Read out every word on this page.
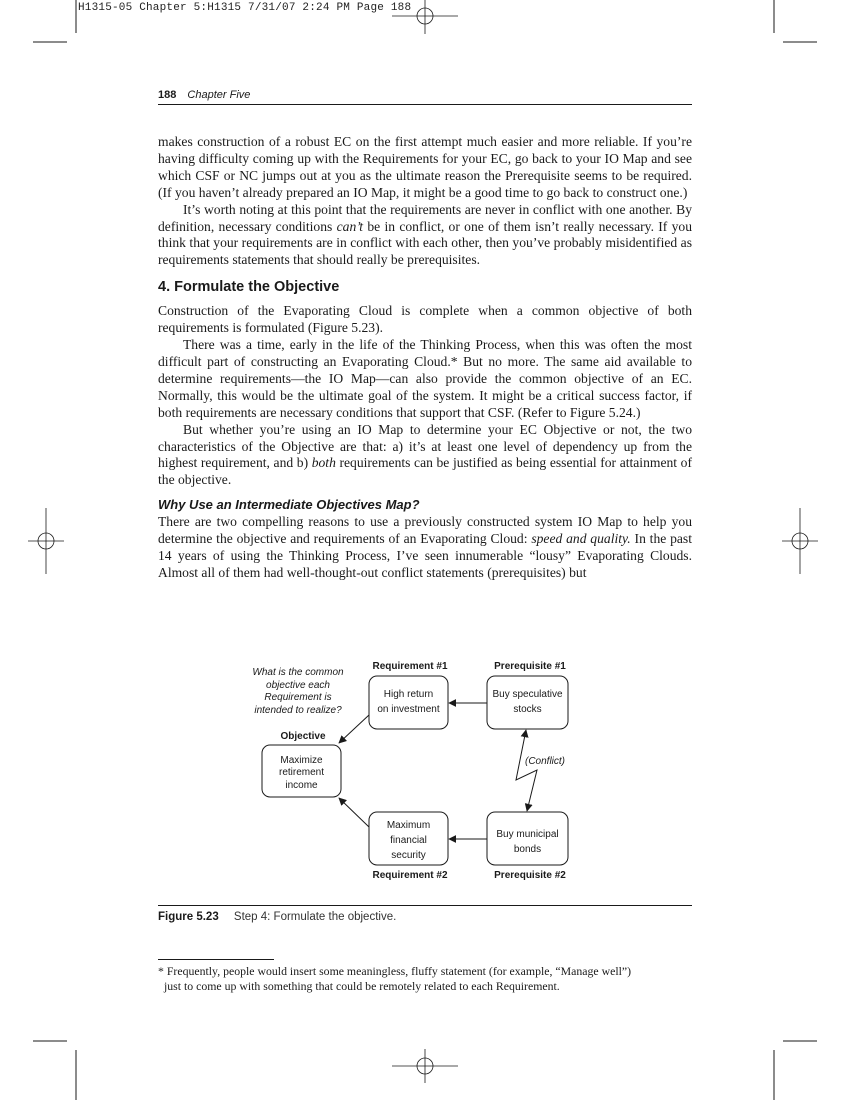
H1315-05 Chapter 5:H1315 7/31/07 2:24 PM Page 188
188 Chapter Five

makes construction of a robust EC on the first attempt much easier and more reliable. If you’re having difficulty coming up with the Requirements for your EC, go back to your IO Map and see which CSF or NC jumps out at you as the ultimate reason the Prerequisite seems to be required. (If you haven’t already prepared an IO Map, it might be a good time to go back to construct one.)

It’s worth noting at this point that the requirements are never in conflict with one another. By definition, necessary conditions can’t be in conflict, or one of them isn’t really necessary. If you think that your requirements are in conflict with each other, then you’ve probably misidentified as requirements statements that should really be prerequisites.

4. Formulate the Objective

Construction of the Evaporating Cloud is complete when a common objective of both requirements is formulated (Figure 5.23).

There was a time, early in the life of the Thinking Process, when this was often the most difficult part of constructing an Evaporating Cloud.* But no more. The same aid available to determine requirements—the IO Map—can also provide the common objective of an EC. Normally, this would be the ultimate goal of the system. It might be a critical success factor, if both requirements are necessary conditions that support that CSF. (Refer to Figure 5.24.)

But whether you’re using an IO Map to determine your EC Objective or not, the two characteristics of the Objective are that: a) it’s at least one level of dependency up from the highest requirement, and b) both requirements can be justified as being essential for attainment of the objective.

Why Use an Intermediate Objectives Map?

There are two compelling reasons to use a previously constructed system IO Map to help you determine the objective and requirements of an Evaporating Cloud: speed and quality. In the past 14 years of using the Thinking Process, I’ve seen innumerable “lousy” Evaporating Clouds. Almost all of them had well-thought-out conflict statements (prerequisites) but

What is the common
objective each
Requirement is
intended to realize?
Objective
Requirement #1	Prerequisite #1
Requirement #2	Prerequisite #2
Maximize
retirement
income
High return
on investment
Buy speculative
stocks
Maximum
financial
security
Buy municipal
bonds
(Conflict)
Figure 5.23 Step 4: Formulate the objective.
* Frequently, people would insert some meaningless, fluffy statement (for example, “Manage well”)
just to come up with something that could be remotely related to each Requirement.
